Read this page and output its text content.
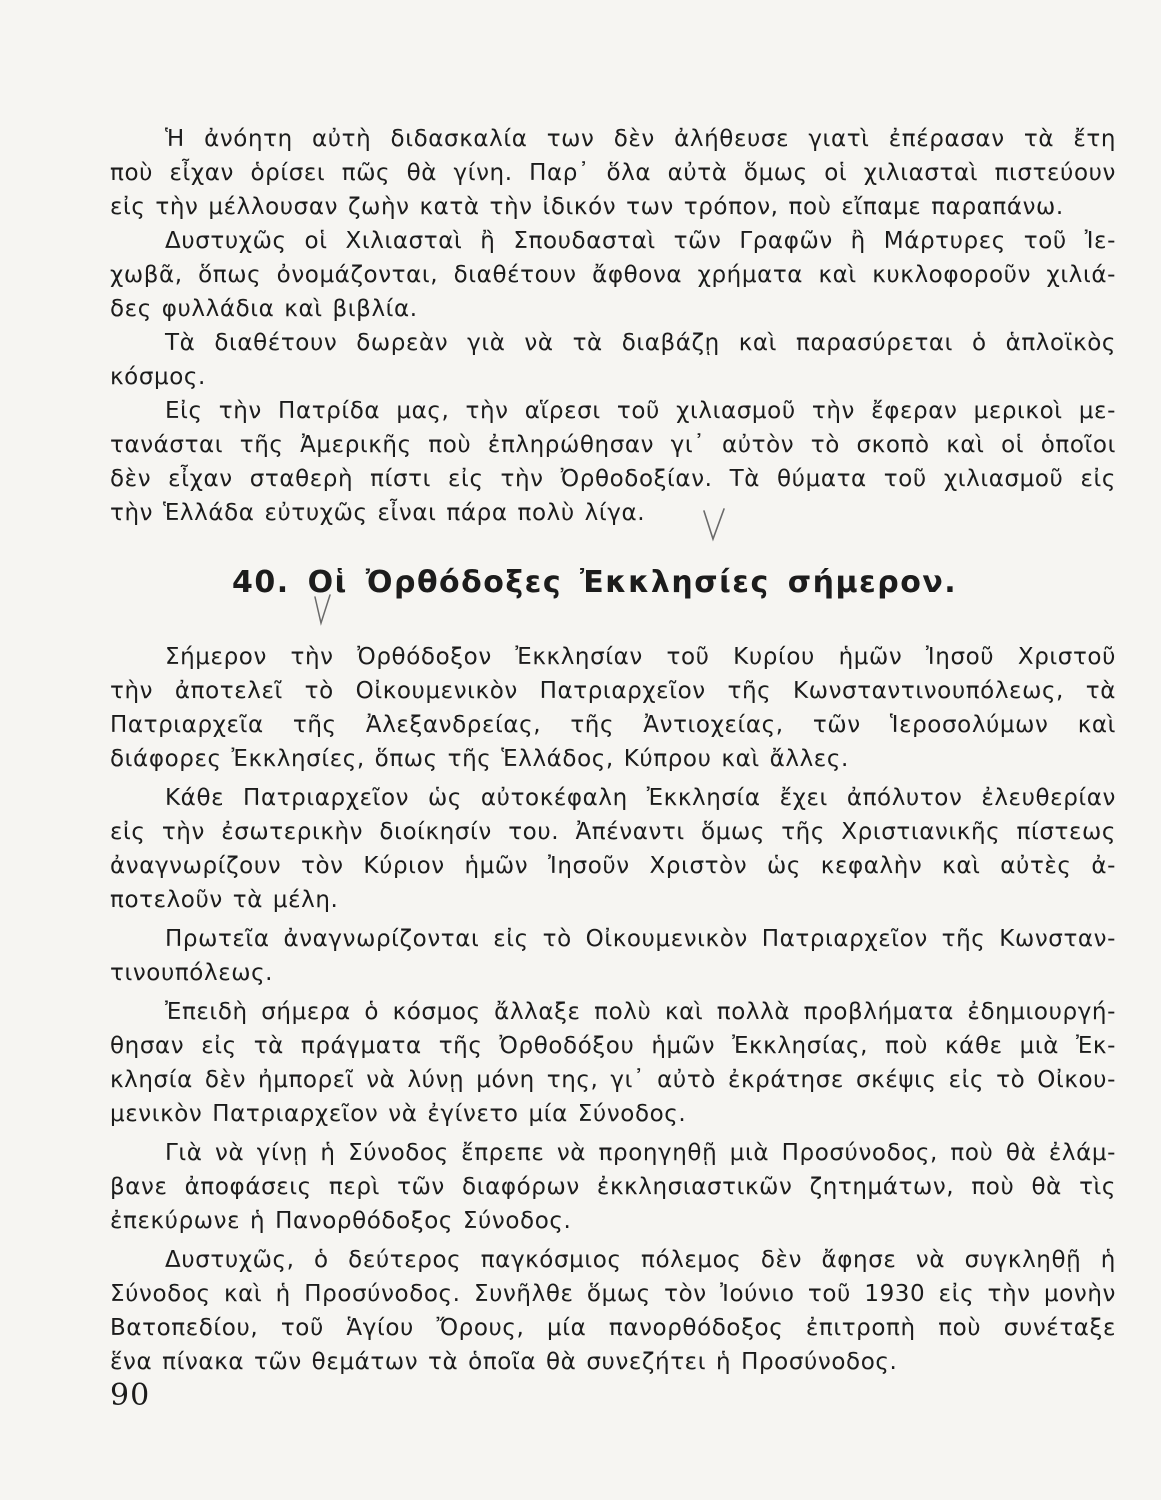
Ἡ ἀνόητη αὐτὴ διδασκαλία των δὲν ἀλήθευσε γιατὶ ἐπέρασαν τὰ ἔτη
ποὺ εἶχαν ὁρίσει πῶς θὰ γίνη. Παρ᾿ ὅλα αὐτὰ ὅμως οἱ χιλιασταὶ πιστεύουν
εἰς τὴν μέλλουσαν ζωὴν κατὰ τὴν ἰδικόν των τρόπον, ποὺ εἴπαμε παραπάνω.
Δυστυχῶς οἱ Χιλιασταὶ ἢ Σπουδασταὶ τῶν Γραφῶν ἢ Μάρτυρες τοῦ Ἰε-
χωβᾶ, ὅπως ὀνομάζονται, διαθέτουν ἄφθονα χρήματα καὶ κυκλοφοροῦν χιλιά-
δες φυλλάδια καὶ βιβλία.
Τὰ διαθέτουν δωρεὰν γιὰ νὰ τὰ διαβάζῃ καὶ παρασύρεται ὁ ἁπλοϊκὸς
κόσμος.
Εἰς τὴν Πατρίδα μας, τὴν αἵρεσι τοῦ χιλιασμοῦ τὴν ἔφεραν μερικοὶ με-
τανάσται τῆς Ἀμερικῆς ποὺ ἐπληρώθησαν γι᾿ αὐτὸν τὸ σκοπὸ καὶ οἱ ὁποῖοι
δὲν εἶχαν σταθερὴ πίστι εἰς τὴν Ὀρθοδοξίαν. Τὰ θύματα τοῦ χιλιασμοῦ εἰς
τὴν Ἑλλάδα εὐτυχῶς εἶναι πάρα πολὺ λίγα.
40. Οἱ Ὀρθόδοξες Ἐκκλησίες σήμερον.
Σήμερον τὴν Ὀρθόδοξον Ἐκκλησίαν τοῦ Κυρίου ἡμῶν Ἰησοῦ Χριστοῦ
τὴν ἀποτελεῖ τὸ Οἰκουμενικὸν Πατριαρχεῖον τῆς Κωνσταντινουπόλεως, τὰ
Πατριαρχεῖα τῆς Ἀλεξανδρείας, τῆς Ἀντιοχείας, τῶν Ἱεροσολύμων καὶ
διάφορες Ἐκκλησίες, ὅπως τῆς Ἑλλάδος, Κύπρου καὶ ἄλλες.
Κάθε Πατριαρχεῖον ὡς αὐτοκέφαλη Ἐκκλησία ἔχει ἀπόλυτον ἐλευθερίαν
εἰς τὴν ἐσωτερικὴν διοίκησίν του. Ἀπέναντι ὅμως τῆς Χριστιανικῆς πίστεως
ἀναγνωρίζουν τὸν Κύριον ἡμῶν Ἰησοῦν Χριστὸν ὡς κεφαλὴν καὶ αὐτὲς ἀ-
ποτελοῦν τὰ μέλη.
Πρωτεῖα ἀναγνωρίζονται εἰς τὸ Οἰκουμενικὸν Πατριαρχεῖον τῆς Κωνσταν-
τινουπόλεως.
Ἐπειδὴ σήμερα ὁ κόσμος ἄλλαξε πολὺ καὶ πολλὰ προβλήματα ἐδημιουργή-
θησαν εἰς τὰ πράγματα τῆς Ὀρθοδόξου ἡμῶν Ἐκκλησίας, ποὺ κάθε μιὰ Ἐκ-
κλησία δὲν ἠμπορεῖ νὰ λύνῃ μόνη της, γι᾿ αὐτὸ ἐκράτησε σκέψις εἰς τὸ Οἰκου-
μενικὸν Πατριαρχεῖον νὰ ἐγίνετο μία Σύνοδος.
Γιὰ νὰ γίνῃ ἡ Σύνοδος ἔπρεπε νὰ προηγηθῇ μιὰ Προσύνοδος, ποὺ θὰ ἐλάμ-
βανε ἀποφάσεις περὶ τῶν διαφόρων ἐκκλησιαστικῶν ζητημάτων, ποὺ θὰ τὶς
ἐπεκύρωνε ἡ Πανορθόδοξος Σύνοδος.
Δυστυχῶς, ὁ δεύτερος παγκόσμιος πόλεμος δὲν ἄφησε νὰ συγκληθῇ ἡ
Σύνοδος καὶ ἡ Προσύνοδος. Συνῆλθε ὅμως τὸν Ἰούνιο τοῦ 1930 εἰς τὴν μονὴν
Βατοπεδίου, τοῦ Ἁγίου Ὄρους, μία πανορθόδοξος ἐπιτροπὴ ποὺ συνέταξε
ἕνα πίνακα τῶν θεμάτων τὰ ὁποῖα θὰ συνεζήτει ἡ Προσύνοδος.
90
